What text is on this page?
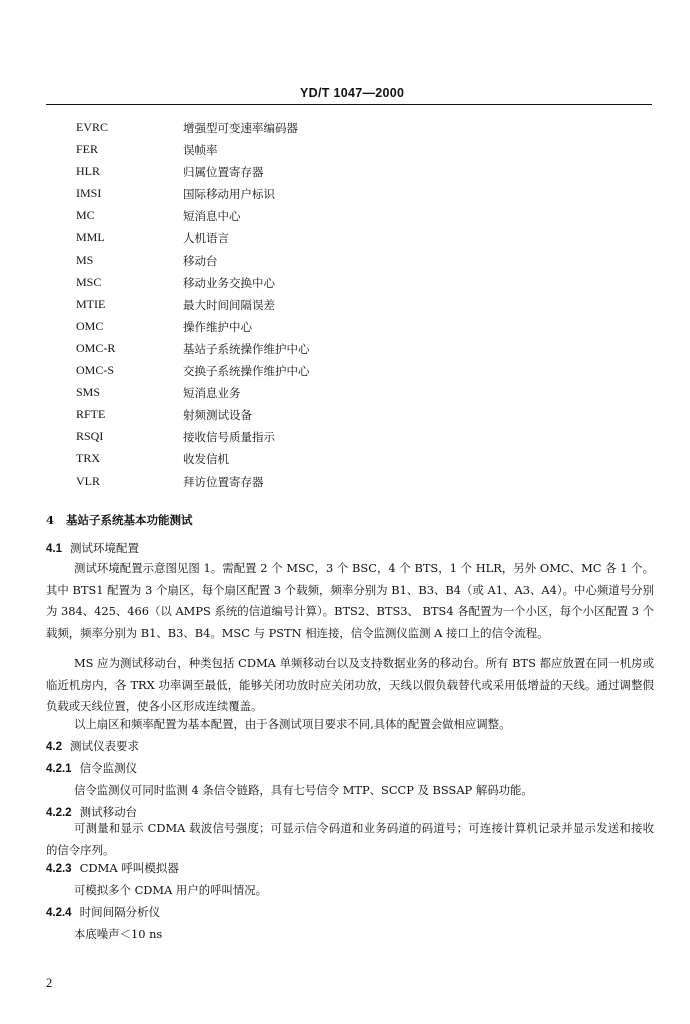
YD/T 1047—2000
EVRC	增强型可变速率编码器
FER	误帧率
HLR	归属位置寄存器
IMSI	国际移动用户标识
MC	短消息中心
MML	人机语言
MS	移动台
MSC	移动业务交换中心
MTIE	最大时间间隔误差
OMC	操作维护中心
OMC-R	基站子系统操作维护中心
OMC-S	交换子系统操作维护中心
SMS	短消息业务
RFTE	射频测试设备
RSQI	接收信号质量指示
TRX	收发信机
VLR	拜访位置寄存器
4 基站子系统基本功能测试
4.1 测试环境配置
测试环境配置示意图见图 1。需配置 2 个 MSC，3 个 BSC，4 个 BTS，1 个 HLR，另外 OMC、MC 各 1 个。其中 BTS1 配置为 3 个扇区，每个扇区配置 3 个载频，频率分别为 B1、B3、B4（或 A1、A3、A4）。中心频道号分别为 384、425、466（以 AMPS 系统的信道编号计算）。BTS2、BTS3、 BTS4 各配置为一个小区，每个小区配置 3 个载频，频率分别为 B1、B3、B4。MSC 与 PSTN 相连接，信令监测仪监测 A 接口上的信令流程。
MS 应为测试移动台，种类包括 CDMA 单频移动台以及支持数据业务的移动台。所有 BTS 都应放置在同一机房或临近机房内，各 TRX 功率调至最低，能够关闭功放时应关闭功放，天线以假负载替代或采用低增益的天线。通过调整假负载或天线位置，使各小区形成连续覆盖。
以上扇区和频率配置为基本配置，由于各测试项目要求不同,具体的配置会做相应调整。
4.2 测试仪表要求
4.2.1 信令监测仪
信令监测仪可同时监测 4 条信令链路，具有七号信令 MTP、SCCP 及 BSSAP 解码功能。
4.2.2 测试移动台
可测量和显示 CDMA 载波信号强度；可显示信令码道和业务码道的码道号；可连接计算机记录并显示发送和接收的信令序列。
4.2.3 CDMA 呼叫模拟器
可模拟多个 CDMA 用户的呼叫情况。
4.2.4 时间间隔分析仪
本底噪声＜10 ns
2
